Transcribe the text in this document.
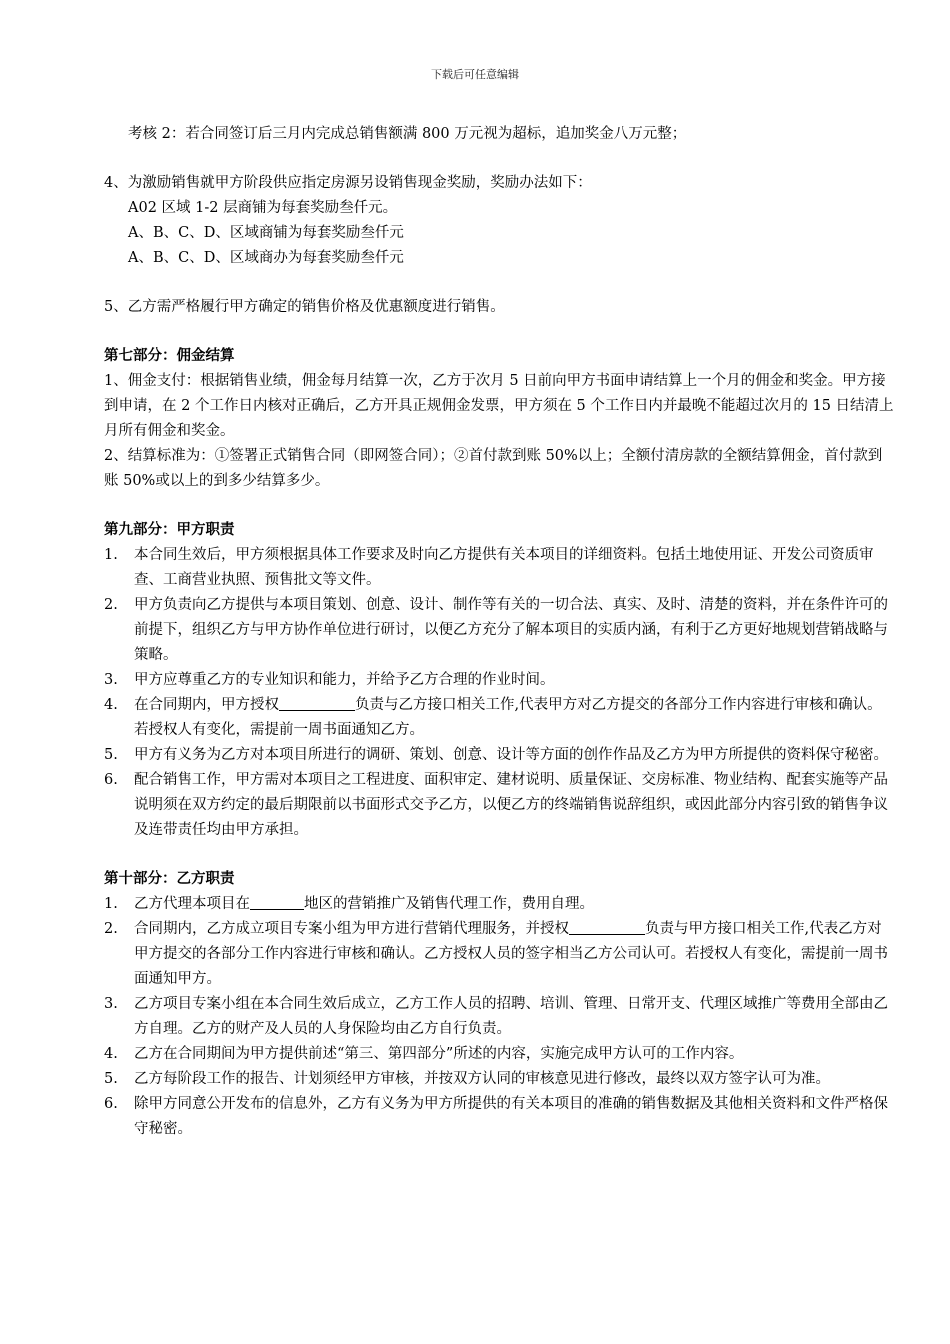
下载后可任意编辑

考核 2：若合同签订后三月内完成总销售额满 800 万元视为超标，追加奖金八万元整；

4、为激励销售就甲方阶段供应指定房源另设销售现金奖励，奖励办法如下：

A02 区域 1-2 层商铺为每套奖励叁仟元。

A、B、C、D、区域商铺为每套奖励叁仟元

A、B、C、D、区域商办为每套奖励叁仟元

5、乙方需严格履行甲方确定的销售价格及优惠额度进行销售。

第七部分：佣金结算

1、佣金支付：根据销售业绩，佣金每月结算一次，乙方于次月 5 日前向甲方书面申请结算上一个月的佣金和奖金。甲方接到申请，在 2 个工作日内核对正确后，乙方开具正规佣金发票，甲方须在 5 个工作日内并最晚不能超过次月的 15 日结清上月所有佣金和奖金。

2、结算标准为：①签署正式销售合同（即网签合同）；②首付款到账 50%以上；全额付清房款的全额结算佣金，首付款到账 50%或以上的到多少结算多少。

第九部分：甲方职责

1.	本合同生效后，甲方须根据具体工作要求及时向乙方提供有关本项目的详细资料。包括土地使用证、开发公司资质审查、工商营业执照、预售批文等文件。
2.	甲方负责向乙方提供与本项目策划、创意、设计、制作等有关的一切合法、真实、及时、清楚的资料，并在条件许可的前提下，组织乙方与甲方协作单位进行研讨，以便乙方充分了解本项目的实质内涵，有利于乙方更好地规划营销战略与策略。
3.	甲方应尊重乙方的专业知识和能力，并给予乙方合理的作业时间。
4.	在合同期内，甲方授权	负责与乙方接口相关工作,代表甲方对乙方提交的各部分工作内容进行审核和确认。若授权人有变化，需提前一周书面通知乙方。
5.	甲方有义务为乙方对本项目所进行的调研、策划、创意、设计等方面的创作作品及乙方为甲方所提供的资料保守秘密。
6.	配合销售工作，甲方需对本项目之工程进度、面积审定、建材说明、质量保证、交房标准、物业结构、配套实施等产品说明须在双方约定的最后期限前以书面形式交予乙方，以便乙方的终端销售说辞组织，或因此部分内容引致的销售争议及连带责任均由甲方承担。

第十部分：乙方职责

1.	乙方代理本项目在	地区的营销推广及销售代理工作，费用自理。
2.	合同期内，乙方成立项目专案小组为甲方进行营销代理服务，并授权	负责与甲方接口相关工作,代表乙方对甲方提交的各部分工作内容进行审核和确认。乙方授权人员的签字相当乙方公司认可。若授权人有变化，需提前一周书面通知甲方。
3.	乙方项目专案小组在本合同生效后成立，乙方工作人员的招聘、培训、管理、日常开支、代理区域推广等费用全部由乙方自理。乙方的财产及人员的人身保险均由乙方自行负责。
4.	乙方在合同期间为甲方提供前述“第三、第四部分”所述的内容，实施完成甲方认可的工作内容。
5.	乙方每阶段工作的报告、计划须经甲方审核，并按双方认同的审核意见进行修改，最终以双方签字认可为准。
6.	除甲方同意公开发布的信息外，乙方有义务为甲方所提供的有关本项目的准确的销售数据及其他相关资料和文件严格保守秘密。
